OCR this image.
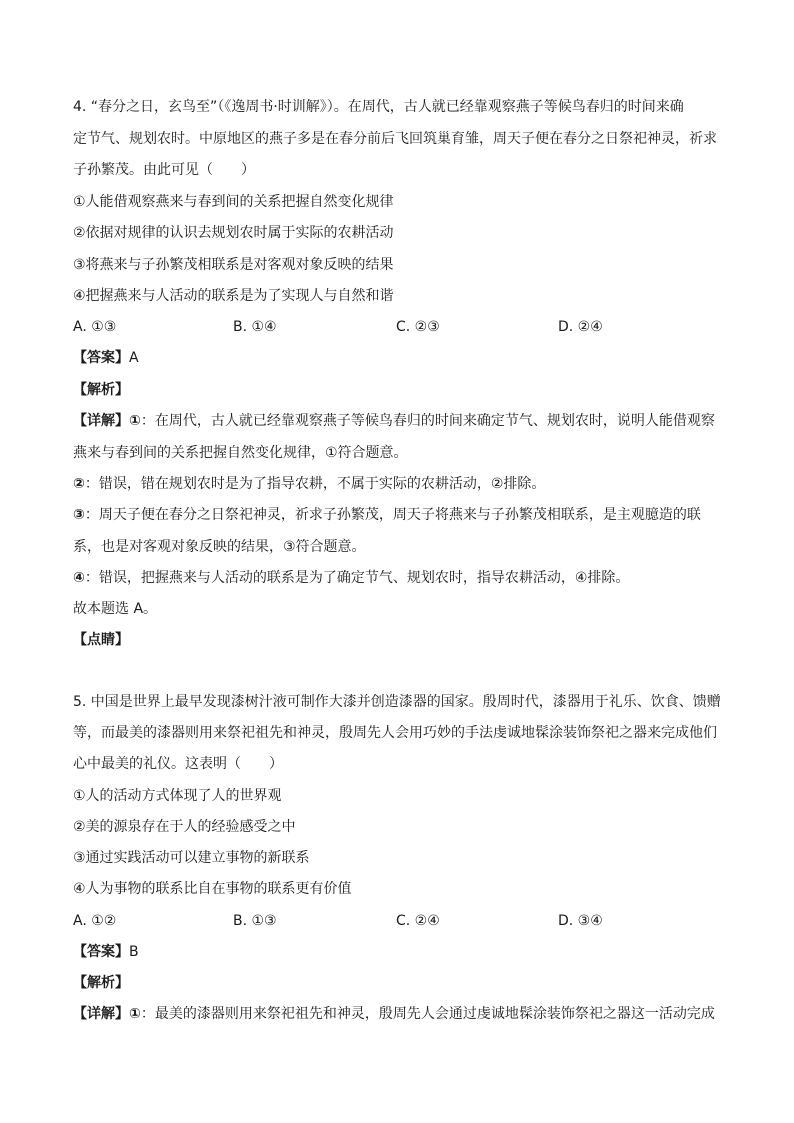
4. “春分之日，玄鸟至”（《逸周书·时训解》）。在周代，古人就已经靠观察燕子等候鸟春归的时间来确
定节气、规划农时。中原地区的燕子多是在春分前后飞回筑巢育雏，周天子便在春分之日祭祀神灵，祈求
子孙繁茂。由此可见（　　）
①人能借观察燕来与春到间的关系把握自然变化规律
②依据对规律的认识去规划农时属于实际的农耕活动
③将燕来与子孙繁茂相联系是对客观对象反映的结果
④把握燕来与人活动的联系是为了实现人与自然和谐
A. ①③	B. ①④	C. ②③	D. ②④
【答案】A
【解析】
【详解】①：在周代，古人就已经靠观察燕子等候鸟春归的时间来确定节气、规划农时，说明人能借观察
燕来与春到间的关系把握自然变化规律，①符合题意。
②：错误，错在规划农时是为了指导农耕，不属于实际的农耕活动，②排除。
③：周天子便在春分之日祭祀神灵，祈求子孙繁茂，周天子将燕来与子孙繁茂相联系，是主观臆造的联
系，也是对客观对象反映的结果，③符合题意。
④：错误，把握燕来与人活动的联系是为了确定节气、规划农时，指导农耕活动，④排除。
故本题选 A。
【点睛】
5. 中国是世界上最早发现漆树汁液可制作大漆并创造漆器的国家。殷周时代，漆器用于礼乐、饮食、馈赠
等，而最美的漆器则用来祭祀祖先和神灵，殷周先人会用巧妙的手法虔诚地髹涂装饰祭祀之器来完成他们
心中最美的礼仪。这表明（　　）
①人的活动方式体现了人的世界观
②美的源泉存在于人的经验感受之中
③通过实践活动可以建立事物的新联系
④人为事物的联系比自在事物的联系更有价值
A. ①②	B. ①③	C. ②④	D. ③④
【答案】B
【解析】
【详解】①：最美的漆器则用来祭祀祖先和神灵，殷周先人会通过虔诚地髹涂装饰祭祀之器这一活动完成
